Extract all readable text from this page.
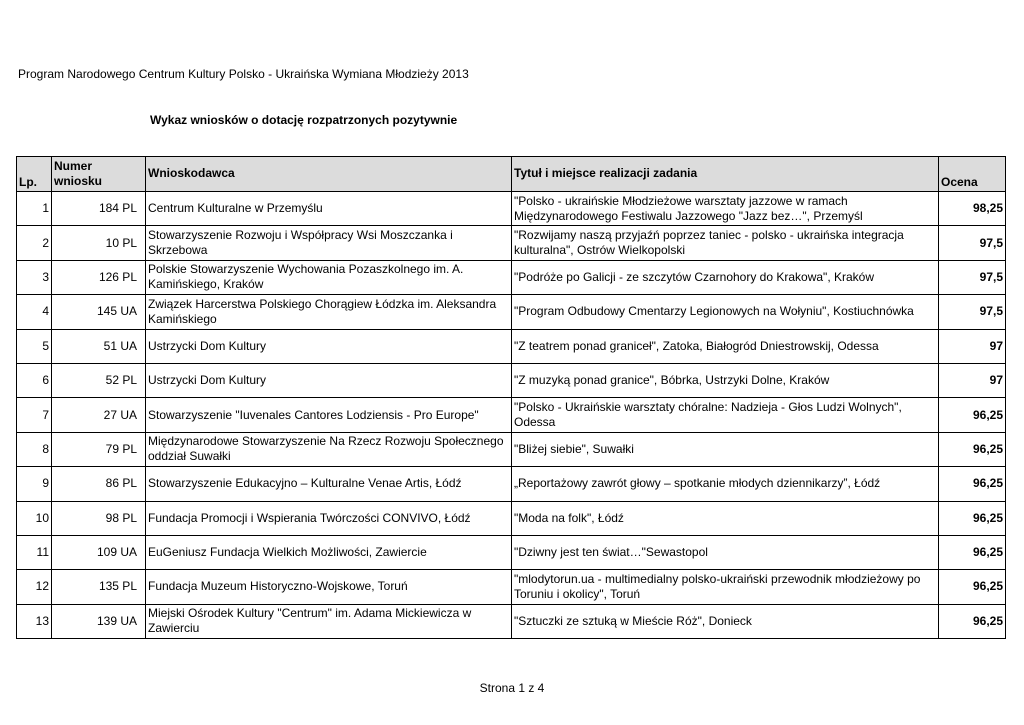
Program Narodowego Centrum Kultury Polsko - Ukraińska Wymiana Młodzieży 2013
Wykaz wniosków o dotację rozpatrzonych pozytywnie
Lp.	Numer
wniosku	Wnioskodawca	Tytuł i miejsce realizacji zadania	Ocena
1	184 PL	Centrum Kulturalne w Przemyślu	"Polsko - ukraińskie Młodzieżowe warsztaty jazzowe w ramach Międzynarodowego Festiwalu Jazzowego "Jazz bez…", Przemyśl	98,25
2	10 PL	Stowarzyszenie Rozwoju i Współpracy Wsi Moszczanka i Skrzebowa	"Rozwijamy naszą przyjaźń poprzez taniec - polsko - ukraińska integracja kulturalna", Ostrów Wielkopolski	97,5
3	126 PL	Polskie Stowarzyszenie Wychowania Pozaszkolnego im. A. Kamińskiego, Kraków	"Podróże po Galicji - ze szczytów Czarnohory do Krakowa", Kraków	97,5
4	145 UA	Związek Harcerstwa Polskiego Chorągiew Łódzka im. Aleksandra Kamińskiego	"Program Odbudowy Cmentarzy Legionowych na Wołyniu", Kostiuchnówka	97,5
5	51 UA	Ustrzycki Dom Kultury	"Z teatrem ponad graniceł", Zatoka, Białogród Dniestrowskij, Odessa	97
6	52 PL	Ustrzycki Dom Kultury	"Z muzyką ponad granice", Bóbrka, Ustrzyki Dolne, Kraków	97
7	27 UA	Stowarzyszenie "Iuvenales Cantores Lodziensis - Pro Europe"	"Polsko - Ukraińskie warsztaty chóralne: Nadzieja - Głos Ludzi Wolnych", Odessa	96,25
8	79 PL	Międzynarodowe Stowarzyszenie Na Rzecz Rozwoju Społecznego oddział Suwałki	"Bliżej siebie", Suwałki	96,25
9	86 PL	Stowarzyszenie Edukacyjno – Kulturalne Venae Artis, Łódź	„Reportażowy zawrót głowy – spotkanie młodych dziennikarzy”, Łódź	96,25
10	98 PL	Fundacja Promocji i Wspierania Twórczości CONVIVO, Łódź	"Moda na folk", Łódź	96,25
11	109 UA	EuGeniusz Fundacja Wielkich Możliwości, Zawiercie	"Dziwny jest ten świat…"Sewastopol	96,25
12	135 PL	Fundacja Muzeum Historyczno-Wojskowe, Toruń	"mlodytorun.ua - multimedialny polsko-ukraiński przewodnik młodzieżowy po Toruniu i okolicy", Toruń	96,25
13	139 UA	Miejski Ośrodek Kultury "Centrum" im. Adama Mickiewicza w Zawierciu	"Sztuczki ze sztuką w Mieście Róż", Donieck	96,25
Strona 1 z 4
